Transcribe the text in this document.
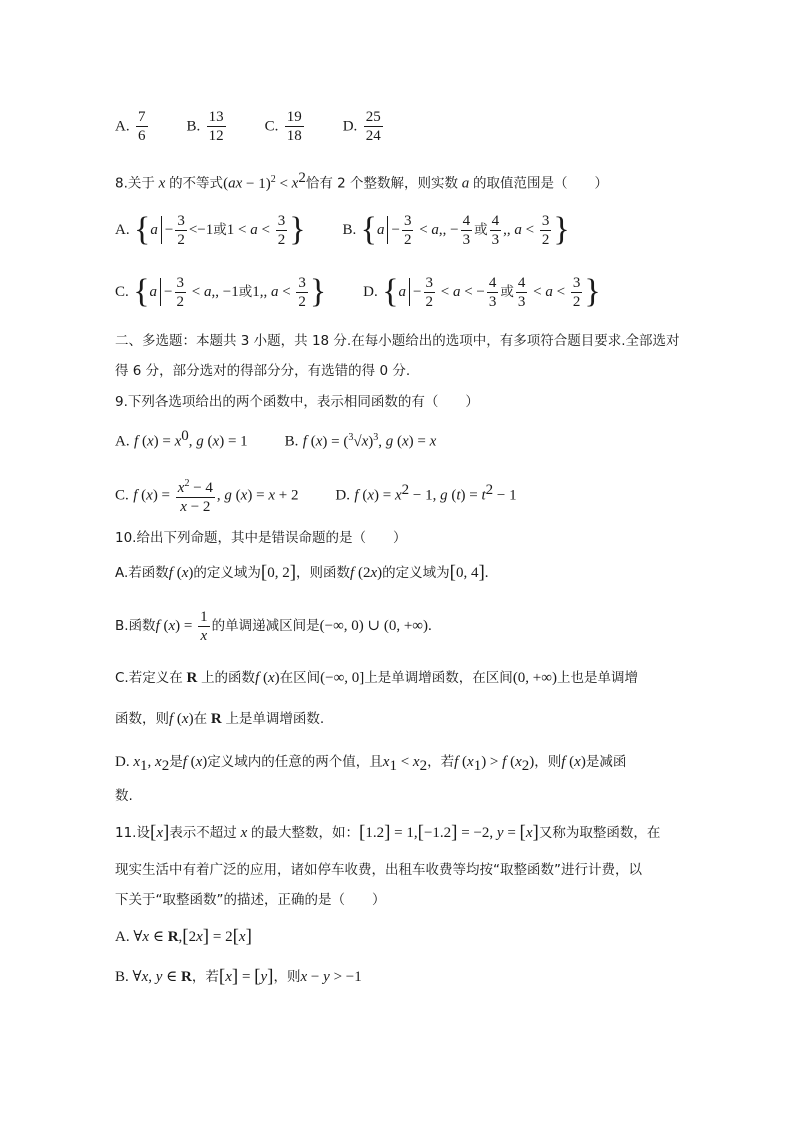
A. $\frac{7}{6}$	B. $\frac{13}{12}$	C. $\frac{19}{18}$	D. $\frac{25}{24}$
8.关于 x 的不等式$(ax - 1)^2 < x^2$恰有 2 个整数解，则实数 a 的取值范围是（　　）
A. {$a - \frac{3}{2} <-1$或$1 < a < \frac{3}{2}$ } B. {$a - \frac{3}{2} < a$,, − $\frac{4}{3}$ 或 $\frac{4}{3}$ ,, $a < \frac{3}{2}$ }
C. {$a - \frac{3}{2} < a$,, −1或1,, $a < \frac{3}{2}$ } D. {$a - \frac{3}{2} < a$ < − $\frac{4}{3}$ 或 $\frac{4}{3} < a < \frac{3}{2}$ }
二、多选题：本题共 3 小题，共 18 分.在每小题给出的选项中，有多项符合题目要求.全部选对
得 6 分，部分选对的得部分分，有选错的得 0 分.
9.下列各选项给出的两个函数中，表示相同函数的有（　　）
A. f $(x) = x^0$, g (x) = 1 B. f $(x) = (^3√x)^3$, g (x) = x
C. f $(x) = \frac{x^2 - 4}{x - 2}$ , g (x) = x + 2 D. f $(x) = x^2 - 1$, g $(t) = t^2 - 1$
10.给出下列命题，其中是错误命题的是（　　）
A.若函数f (x)的定义域为[0, 2]，则函数f (2x)的定义域为[0, 4].
B.函数f $(x) = \frac{1}{x}$ 的单调递减区间是(−∞, 0) ∪ (0, +∞).
C.若定义在 R 上的函数f (x)在区间(−∞, 0]上是单调增函数，在区间(0, +∞)上也是单调增
函数，则f (x)在 R 上是单调增函数.
D. $x_1$, $x_2$是f (x)定义域内的任意的两个值，且$x_1 < x_2$，若f $(x_1) > f$ $(x_2)$，则f (x)是减函
数.
11.设[x]表示不超过 x 的最大整数，如：[1.2] = 1,[−1.2] = −2, y = [x]又称为取整函数，在
现实生活中有着广泛的应用，诸如停车收费，出租车收费等均按“取整函数”进行计费，以
下关于“取整函数”的描述，正确的是（　　）
A. ∀x ∈ R,[2x] = 2[x]
B. ∀x, y ∈ R，若[x] = [y]，则x − y > −1
